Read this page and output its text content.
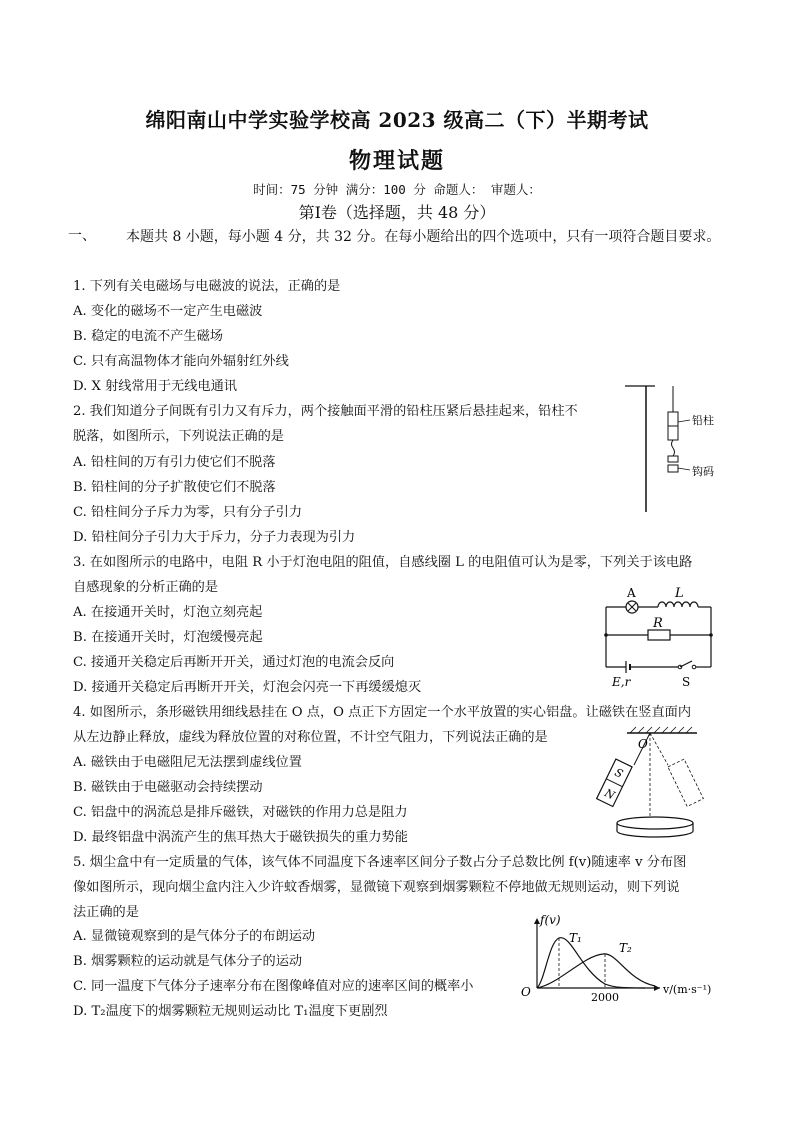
绵阳南山中学实验学校高 2023 级高二（下）半期考试
物理试题
时间：75 分钟 满分：100 分 命题人： 审题人：
第Ⅰ卷（选择题，共 48 分）
一、 本题共 8 小题，每小题 4 分，共 32 分。在每小题给出的四个选项中，只有一项符合题目要求。
1. 下列有关电磁场与电磁波的说法，正确的是
A. 变化的磁场不一定产生电磁波
B. 稳定的电流不产生磁场
C. 只有高温物体才能向外辐射红外线
D. X 射线常用于无线电通讯
2. 我们知道分子间既有引力又有斥力，两个接触面平滑的铅柱压紧后悬挂起来，铅柱不
脱落，如图所示，下列说法正确的是
A. 铅柱间的万有引力使它们不脱落
B. 铅柱间的分子扩散使它们不脱落
C. 铅柱间分子斥力为零，只有分子引力
D. 铅柱间分子引力大于斥力，分子力表现为引力
铅柱
钩码
3. 在如图所示的电路中，电阻 R 小于灯泡电阻的阻值，自感线圈 L 的电阻值可认为是零，下列关于该电路
自感现象的分析正确的是
A. 在接通开关时，灯泡立刻亮起
B. 在接通开关时，灯泡缓慢亮起
C. 接通开关稳定后再断开开关，通过灯泡的电流会反向
D. 接通开关稳定后再断开开关，灯泡会闪亮一下再缓缓熄灭
A	L
R
E,r	S
4. 如图所示，条形磁铁用细线悬挂在 O 点，O 点正下方固定一个水平放置的实心铝盘。让磁铁在竖直面内
从左边静止释放，虚线为释放位置的对称位置，不计空气阻力，下列说法正确的是
A. 磁铁由于电磁阻尼无法摆到虚线位置
B. 磁铁由于电磁驱动会持续摆动
C. 铝盘中的涡流总是排斥磁铁，对磁铁的作用力总是阻力
D. 最终铝盘中涡流产生的焦耳热大于磁铁损失的重力势能
S
N
O
5. 烟尘盒中有一定质量的气体，该气体不同温度下各速率区间分子数占分子总数比例 f(v)随速率 v 分布图
像如图所示，现向烟尘盒内注入少许蚊香烟雾，显微镜下观察到烟雾颗粒不停地做无规则运动，则下列说
法正确的是
A. 显微镜观察到的是气体分子的布朗运动
B. 烟雾颗粒的运动就是气体分子的运动
C. 同一温度下气体分子速率分布在图像峰值对应的速率区间的概率小
D. T₂温度下的烟雾颗粒无规则运动比 T₁温度下更剧烈
f(v)
T₁
T₂
O	2000
v/(m·s⁻¹)
